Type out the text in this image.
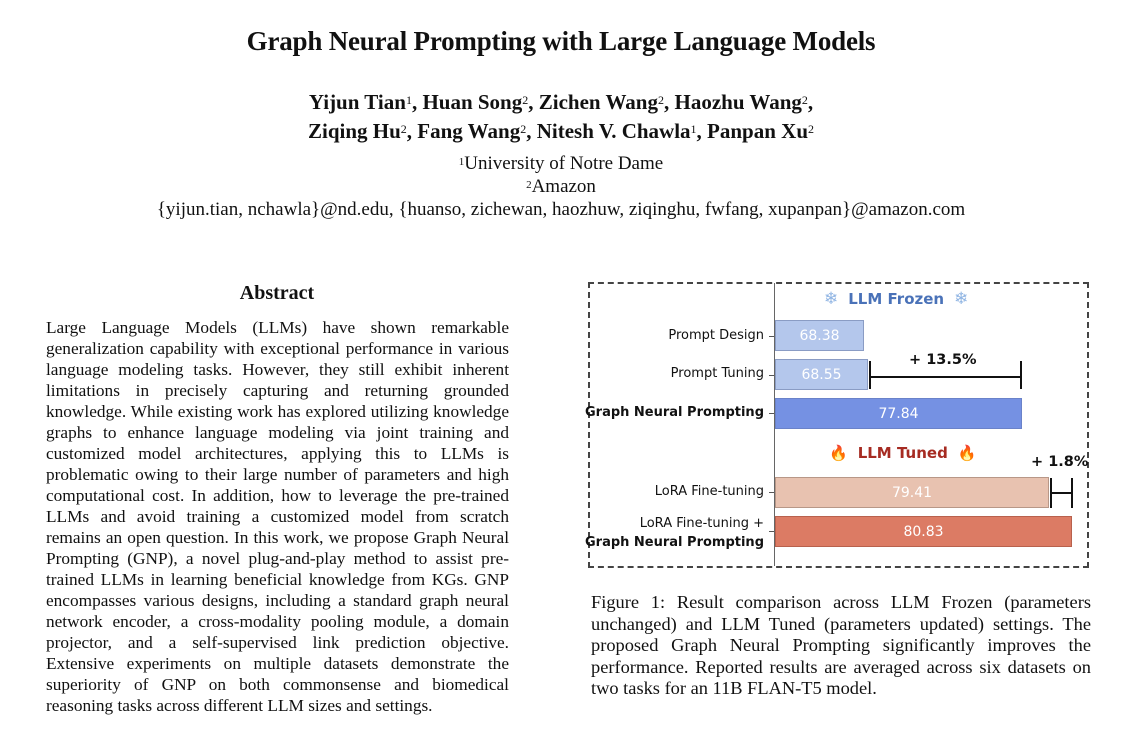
Graph Neural Prompting with Large Language Models
Yijun Tian$^1$, Huan Song$^2$, Zichen Wang$^2$, Haozhu Wang$^2$,
Ziqing Hu$^2$, Fang Wang$^2$, Nitesh V. Chawla$^1$, Panpan Xu$^2$
$^1$University of Notre Dame
$^2$Amazon
{yijun.tian, nchawla}@nd.edu, {huanso, zichewan, haozhuw, ziqinghu, fwfang, xupanpan}@amazon.com
Abstract
Large Language Models (LLMs) have shown remarkable generalization capability with exceptional performance in various language modeling tasks. However, they still exhibit inherent limitations in precisely capturing and returning grounded knowledge. While existing work has explored utilizing knowledge graphs to enhance language modeling via joint training and customized model architectures, applying this to LLMs is problematic owing to their large number of parameters and high computational cost. In addition, how to leverage the pre-trained LLMs and avoid training a customized model from scratch remains an open question. In this work, we propose Graph Neural Prompting (GNP), a novel plug-and-play method to assist pre-trained LLMs in learning beneficial knowledge from KGs. GNP encompasses various designs, including a standard graph neural network encoder, a cross-modality pooling module, a domain projector, and a self-supervised link prediction objective. Extensive experiments on multiple datasets demonstrate the superiority of GNP on both commonsense and biomedical reasoning tasks across different LLM sizes and settings.
❄ LLM Frozen ❄
Prompt Design
Prompt Tuning
Graph Neural Prompting
LoRA Fine-tuning
LoRA Fine-tuning +
Graph Neural Prompting
68.38
68.55
77.84
79.41
80.83
+ 13.5%
🔥 LLM Tuned 🔥	+ 1.8%
Figure 1: Result comparison across LLM Frozen (parameters unchanged) and LLM Tuned (parameters updated) settings. The proposed Graph Neural Prompting significantly improves the performance. Reported results are averaged across six datasets on two tasks for an 11B FLAN-T5 model.
